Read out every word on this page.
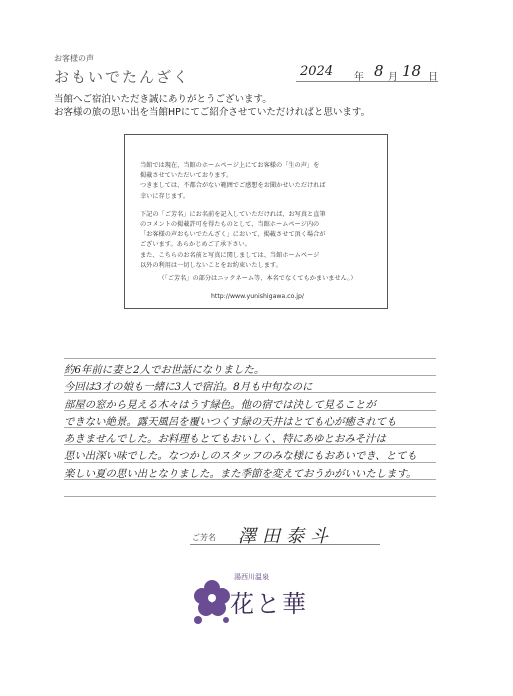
お客様の声
おもいでたんざく	2024 年 8 月 18 日
当館へご宿泊いただき誠にありがとうございます。
お客様の旅の思い出を当館HPにてご紹介させていただければと思います。

当館では現在、当館のホームページ上にてお客様の「生の声」を

掲載させていただいております。

つきましては、不都合がない範囲でご感想をお聞かせいただければ

幸いに存じます。

下記の「ご芳名」にお名前を記入していただければ、お写真と直筆

のコメントの掲載許可を得たものとして、当館ホームページ内の

「お客様の声おもいでたんざく」において、掲載させて頂く場合が

ございます。あらかじめご了承下さい。

また、こちらのお名前と写真に関しましては、当館ホームページ

以外の利用は一切しないことをお約束いたします。

（「ご芳名」の部分はニックネーム等、本名でなくてもかまいません。）

http://www.yunishigawa.co.jp/

約6年前に妻と2人でお世話になりました。
今回は3才の娘も一緒に3人で宿泊。8月も中旬なのに
部屋の窓から見える木々はうす緑色。他の宿では決して見ることが
できない絶景。露天風呂を覆いつくす緑の天井はとても心が癒されても
あきませんでした。お料理もとてもおいしく、特にあゆとおみそ汁は
思い出深い味でした。なつかしのスタッフのみな様にもおあいでき、とても
楽しい夏の思い出となりました。また季節を変えておうかがいいたします。
ご芳名 澤田泰斗
湯西川温泉
花と華
